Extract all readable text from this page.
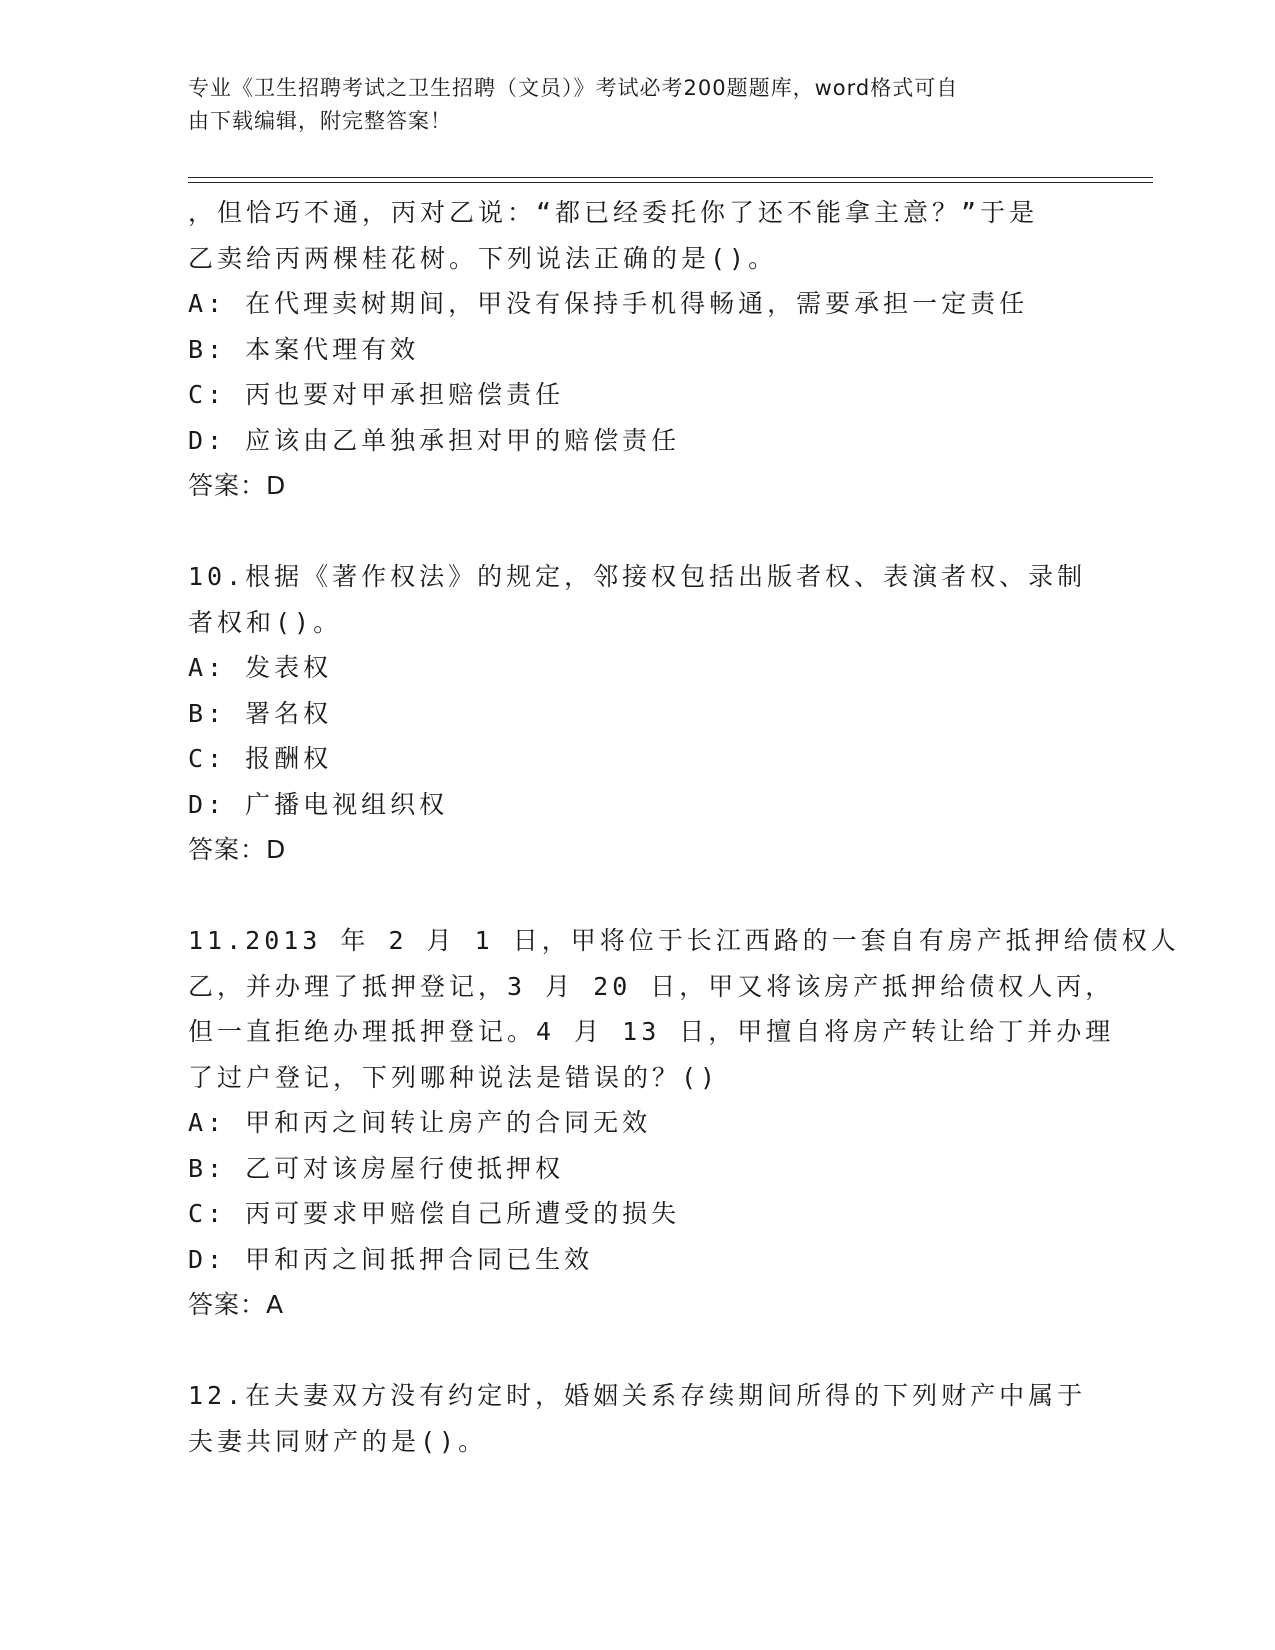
专业《卫生招聘考试之卫生招聘（文员）》考试必考200题题库，word格式可自
由下载编辑，附完整答案！
，但恰巧不通，丙对乙说：“都已经委托你了还不能拿主意？”于是
乙卖给丙两棵桂花树。下列说法正确的是()。
A: 在代理卖树期间，甲没有保持手机得畅通，需要承担一定责任
B: 本案代理有效
C: 丙也要对甲承担赔偿责任
D: 应该由乙单独承担对甲的赔偿责任
答案：D
10.根据《著作权法》的规定，邻接权包括出版者权、表演者权、录制
者权和()。
A: 发表权
B: 署名权
C: 报酬权
D: 广播电视组织权
答案：D
11.2013 年 2 月 1 日，甲将位于长江西路的一套自有房产抵押给债权人
乙，并办理了抵押登记，3 月 20 日，甲又将该房产抵押给债权人丙，
但一直拒绝办理抵押登记。4 月 13 日，甲擅自将房产转让给丁并办理
了过户登记，下列哪种说法是错误的？()
A: 甲和丙之间转让房产的合同无效
B: 乙可对该房屋行使抵押权
C: 丙可要求甲赔偿自己所遭受的损失
D: 甲和丙之间抵押合同已生效
答案：A
12.在夫妻双方没有约定时，婚姻关系存续期间所得的下列财产中属于
夫妻共同财产的是()。
